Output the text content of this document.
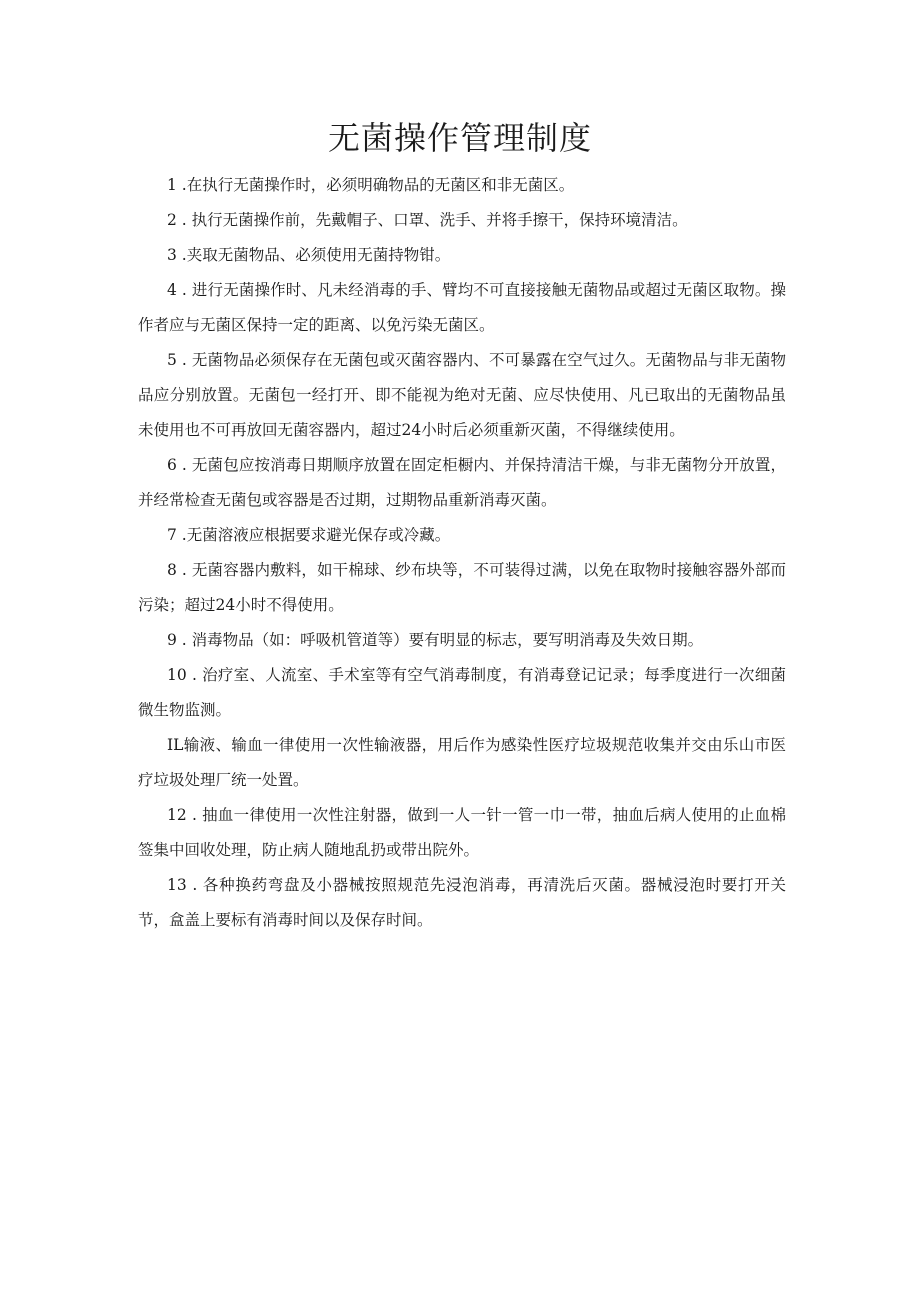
无菌操作管理制度

1 .在执行无菌操作时，必须明确物品的无菌区和非无菌区。

2 . 执行无菌操作前，先戴帽子、口罩、洗手、并将手擦干，保持环境清洁。

3 .夹取无菌物品、必须使用无菌持物钳。

4 . 进行无菌操作时、凡未经消毒的手、臂均不可直接接触无菌物品或超过无菌区取物。操作者应与无菌区保持一定的距离、以免污染无菌区。

5 . 无菌物品必须保存在无菌包或灭菌容器内、不可暴露在空气过久。无菌物品与非无菌物品应分别放置。无菌包一经打开、即不能视为绝对无菌、应尽快使用、凡已取出的无菌物品虽未使用也不可再放回无菌容器内，超过24小时后必须重新灭菌，不得继续使用。

6 . 无菌包应按消毒日期顺序放置在固定柜橱内、并保持清洁干燥，与非无菌物分开放置，并经常检查无菌包或容器是否过期，过期物品重新消毒灭菌。

7 .无菌溶液应根据要求避光保存或冷藏。

8 . 无菌容器内敷料，如干棉球、纱布块等，不可装得过满，以免在取物时接触容器外部而污染；超过24小时不得使用。

9 . 消毒物品（如：呼吸机管道等）要有明显的标志，要写明消毒及失效日期。

10 . 治疗室、人流室、手术室等有空气消毒制度，有消毒登记记录；每季度进行一次细菌微生物监测。

IL输液、输血一律使用一次性输液器，用后作为感染性医疗垃圾规范收集并交由乐山市医疗垃圾处理厂统一处置。

12 . 抽血一律使用一次性注射器，做到一人一针一管一巾一带，抽血后病人使用的止血棉签集中回收处理，防止病人随地乱扔或带出院外。

13 . 各种换药弯盘及小器械按照规范先浸泡消毒，再清洗后灭菌。器械浸泡时要打开关节，盒盖上要标有消毒时间以及保存时间。
